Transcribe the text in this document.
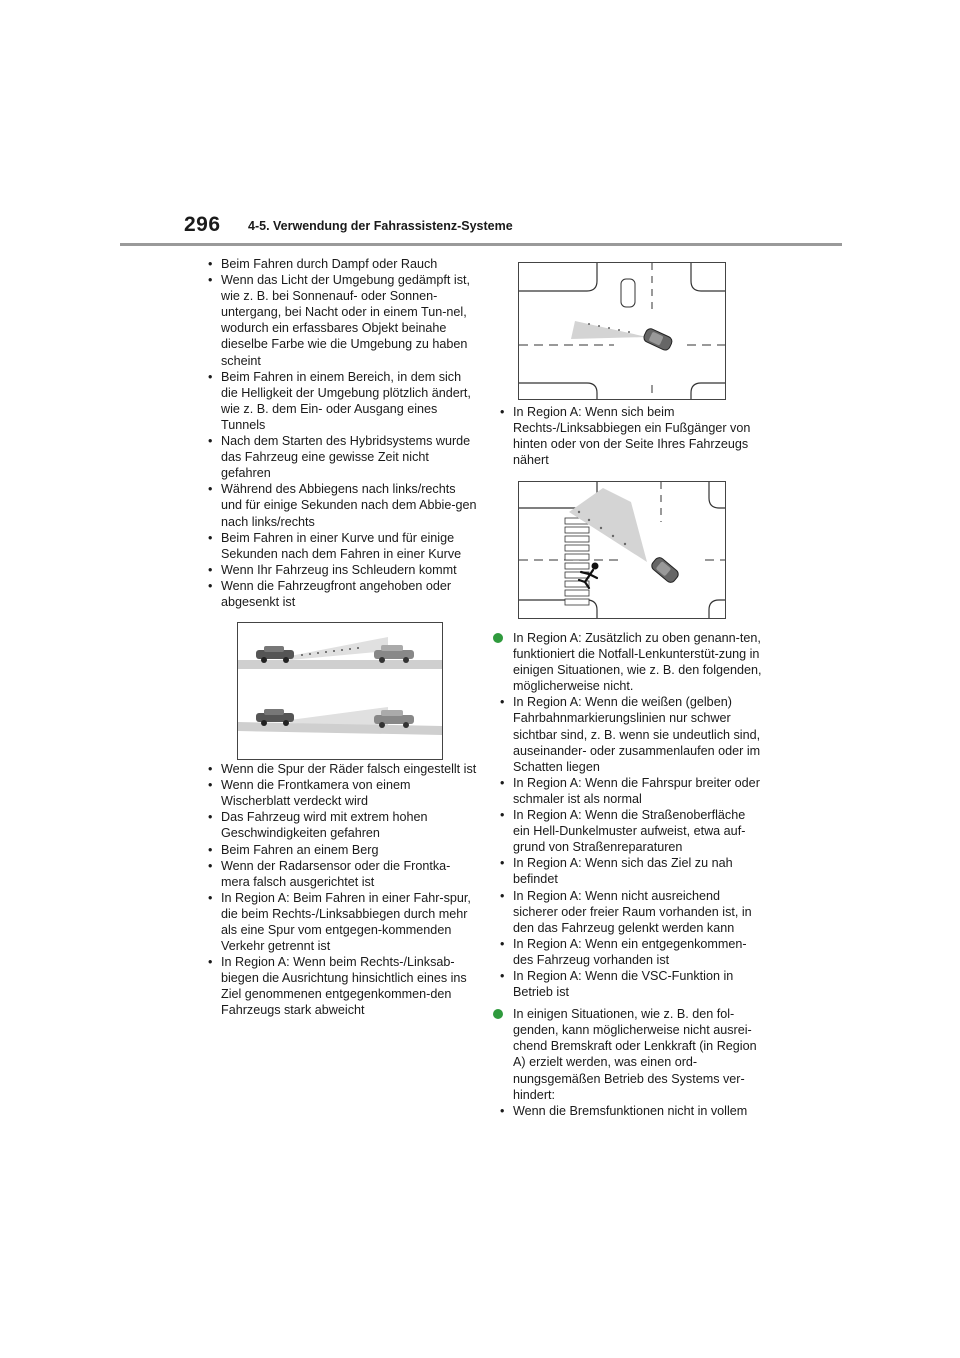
296 4-5. Verwendung der Fahrassistenz-Systeme
• Beim Fahren durch Dampf oder Rauch
• Wenn das Licht der Umgebung gedämpft ist, wie z. B. bei Sonnenauf- oder Sonnen-untergang, bei Nacht oder in einem Tun-nel, wodurch ein erfassbares Objekt beinahe dieselbe Farbe wie die Umgebung zu haben scheint
• Beim Fahren in einem Bereich, in dem sich die Helligkeit der Umgebung plötzlich ändert, wie z. B. dem Ein- oder Ausgang eines Tunnels
• Nach dem Starten des Hybridsystems wurde das Fahrzeug eine gewisse Zeit nicht gefahren
• Während des Abbiegens nach links/rechts und für einige Sekunden nach dem Abbie-gen nach links/rechts
• Beim Fahren in einer Kurve und für einige Sekunden nach dem Fahren in einer Kurve
• Wenn Ihr Fahrzeug ins Schleudern kommt
• Wenn die Fahrzeugfront angehoben oder abgesenkt ist
• Wenn die Spur der Räder falsch eingestellt ist
• Wenn die Frontkamera von einem Wischerblatt verdeckt wird
• Das Fahrzeug wird mit extrem hohen Geschwindigkeiten gefahren
• Beim Fahren an einem Berg
• Wenn der Radarsensor oder die Frontka-mera falsch ausgerichtet ist
• In Region A: Beim Fahren in einer Fahr-spur, die beim Rechts-/Linksabbiegen durch mehr als eine Spur vom entgegen-kommenden Verkehr getrennt ist
• In Region A: Wenn beim Rechts-/Linksab-biegen die Ausrichtung hinsichtlich eines ins Ziel genommenen entgegenkommen-den Fahrzeugs stark abweicht
• In Region A: Wenn sich beim Rechts-/Linksabbiegen ein Fußgänger von hinten oder von der Seite Ihres Fahrzeugs nähert
In Region A: Zusätzlich zu oben genann-ten, funktioniert die Notfall-Lenkunterstüt-zung in einigen Situationen, wie z. B. den folgenden, möglicherweise nicht.
• In Region A: Wenn die weißen (gelben) Fahrbahnmarkierungslinien nur schwer sichtbar sind, z. B. wenn sie undeutlich sind, auseinander- oder zusammenlaufen oder im Schatten liegen
• In Region A: Wenn die Fahrspur breiter oder schmaler ist als normal
• In Region A: Wenn die Straßenoberfläche ein Hell-Dunkelmuster aufweist, etwa auf-grund von Straßenreparaturen
• In Region A: Wenn sich das Ziel zu nah befindet
• In Region A: Wenn nicht ausreichend sicherer oder freier Raum vorhanden ist, in den das Fahrzeug gelenkt werden kann
• In Region A: Wenn ein entgegenkommen-des Fahrzeug vorhanden ist
• In Region A: Wenn die VSC-Funktion in Betrieb ist
In einigen Situationen, wie z. B. den fol-genden, kann möglicherweise nicht ausrei-chend Bremskraft oder Lenkkraft (in Region A) erzielt werden, was einen ord-nungsgemäßen Betrieb des Systems ver-hindert:
• Wenn die Bremsfunktionen nicht in vollem
